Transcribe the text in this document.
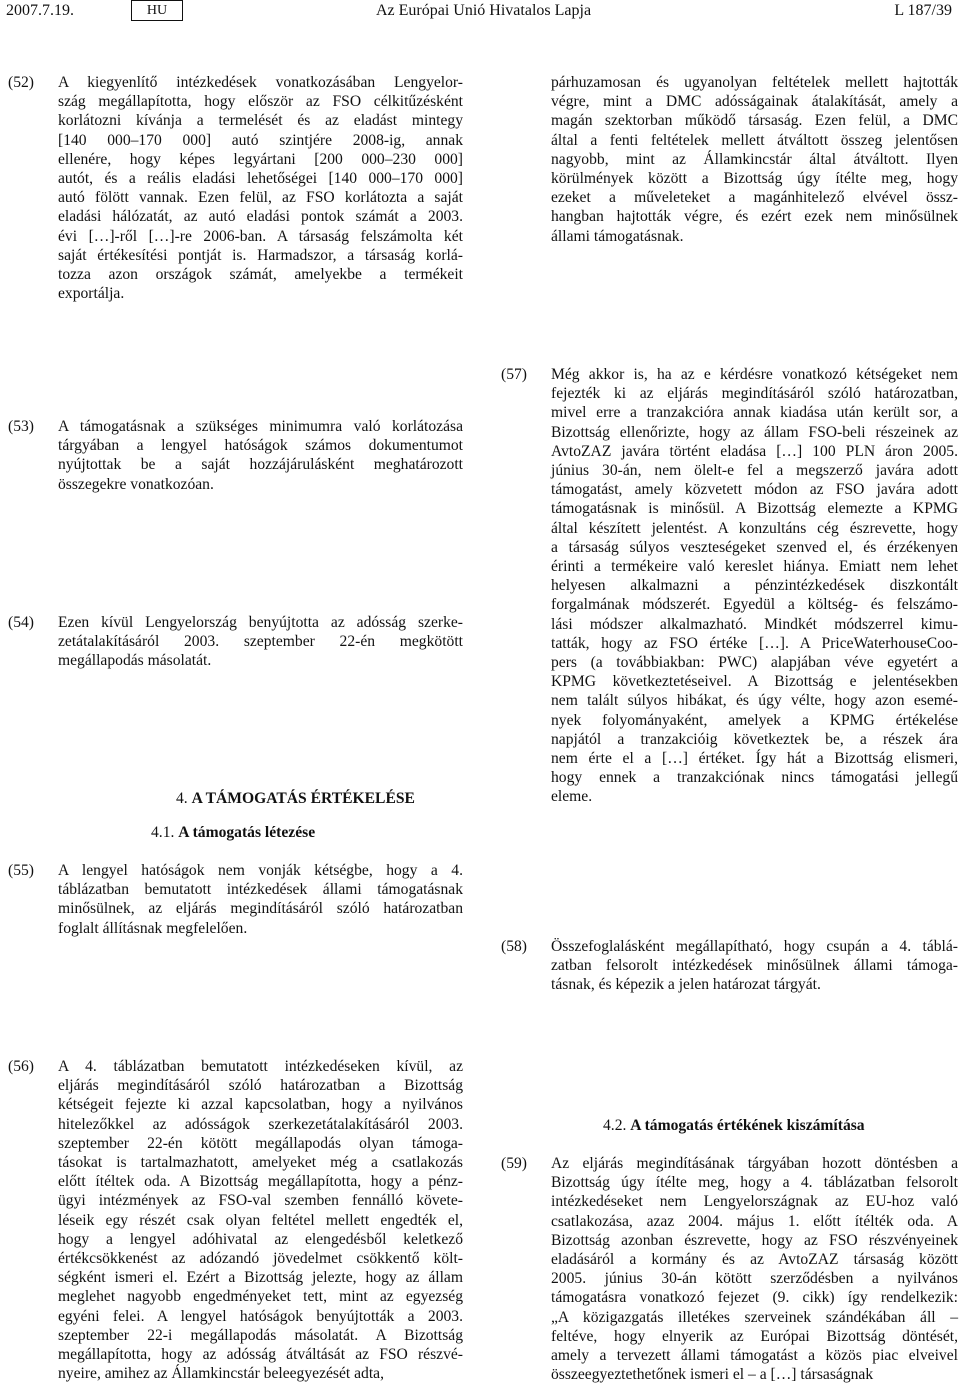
2007.7.19.	HU	Az Európai Unió Hivatalos Lapja	L 187/39
(52) A kiegyenlítő intézkedések vonatkozásában Lengyelor-
szág megállapította, hogy először az FSO célkitűzésként
korlátozni kívánja a termelését és az eladást mintegy
[140 000–170 000] autó szintjére 2008-ig, annak
ellenére, hogy képes legyártani [200 000–230 000]
autót, és a reális eladási lehetőségei [140 000–170 000]
autó fölött vannak. Ezen felül, az FSO korlátozta a saját
eladási hálózatát, az autó eladási pontok számát a 2003.
évi […]-ről […]-re 2006-ban. A társaság felszámolta két
saját értékesítési pontját is. Harmadszor, a társaság korlá-
tozza azon országok számát, amelyekbe a termékeit
exportálja.
(53) A támogatásnak a szükséges minimumra való korlátozása
tárgyában a lengyel hatóságok számos dokumentumot
nyújtottak be a saját hozzájárulásként meghatározott
összegekre vonatkozóan.
(54) Ezen kívül Lengyelország benyújtotta az adósság szerke-
zetátalakításáról 2003. szeptember 22-én megkötött
megállapodás másolatát.
4. A TÁMOGATÁS ÉRTÉKELÉSE
4.1. A támogatás létezése
(55) A lengyel hatóságok nem vonják kétségbe, hogy a 4.
táblázatban bemutatott intézkedések állami támogatásnak
minősülnek, az eljárás megindításáról szóló határozatban
foglalt állításnak megfelelően.
(56) A 4. táblázatban bemutatott intézkedéseken kívül, az
eljárás megindításáról szóló határozatban a Bizottság
kétségeit fejezte ki azzal kapcsolatban, hogy a nyilvános
hitelezőkkel az adósságok szerkezetátalakításáról 2003.
szeptember 22-én kötött megállapodás olyan támoga-
tásokat is tartalmazhatott, amelyeket még a csatlakozás
előtt ítéltek oda. A Bizottság megállapította, hogy a pénz-
ügyi intézmények az FSO-val szemben fennálló követe-
léseik egy részét csak olyan feltétel mellett engedték el,
hogy a lengyel adóhivatal az elengedésből keletkező
értékcsökkenést az adózandó jövedelmet csökkentő költ-
ségként ismeri el. Ezért a Bizottság jelezte, hogy az állam
meglehet nagyobb engedményeket tett, mint az egyezség
egyéni felei. A lengyel hatóságok benyújtották a 2003.
szeptember 22-i megállapodás másolatát. A Bizottság
megállapította, hogy az adósság átváltását az FSO részvé-
nyeire, amihez az Államkincstár beleegyezését adta,
párhuzamosan és ugyanolyan feltételek mellett hajtották
végre, mint a DMC adósságainak átalakítását, amely a
magán szektorban működő társaság. Ezen felül, a DMC
által a fenti feltételek mellett átváltott összeg jelentősen
nagyobb, mint az Államkincstár által átváltott. Ilyen
körülmények között a Bizottság úgy ítélte meg, hogy
ezeket a műveleteket a magánhitelező elvével össz-
hangban hajtották végre, és ezért ezek nem minősülnek
állami támogatásnak.
(57) Még akkor is, ha az e kérdésre vonatkozó kétségeket nem
fejezték ki az eljárás megindításáról szóló határozatban,
mivel erre a tranzakcióra annak kiadása után került sor, a
Bizottság ellenőrizte, hogy az állam FSO-beli részeinek az
AvtoZAZ javára történt eladása […] 100 PLN áron 2005.
június 30-án, nem ölelt-e fel a megszerző javára adott
támogatást, amely közvetett módon az FSO javára adott
támogatásnak is minősül. A Bizottság elemezte a KPMG
által készített jelentést. A konzultáns cég észrevette, hogy
a társaság súlyos veszteségeket szenved el, és érzékenyen
érinti a termékeire való kereslet hiánya. Emiatt nem lehet
helyesen alkalmazni a pénzintézkedések diszkontált
forgalmának módszerét. Egyedül a költség- és felszámo-
lási módszer alkalmazható. Mindkét módszerrel kimu-
tatták, hogy az FSO értéke […]. A PriceWaterhouseCoo-
pers (a továbbiakban: PWC) alapjában véve egyetért a
KPMG következtetéseivel. A Bizottság e jelentésekben
nem talált súlyos hibákat, és úgy vélte, hogy azon esemé-
nyek folyományaként, amelyek a KPMG értékelése
napjától a tranzakcióig következtek be, a részek ára
nem érte el a […] értéket. Így hát a Bizottság elismeri,
hogy ennek a tranzakciónak nincs támogatási jellegű
eleme.
(58) Összefoglalásként megállapítható, hogy csupán a 4. táblá-
zatban felsorolt intézkedések minősülnek állami támoga-
tásnak, és képezik a jelen határozat tárgyát.
4.2. A támogatás értékének kiszámítása
(59) Az eljárás megindításának tárgyában hozott döntésben a
Bizottság úgy ítélte meg, hogy a 4. táblázatban felsorolt
intézkedéseket nem Lengyelországnak az EU-hoz való
csatlakozása, azaz 2004. május 1. előtt ítélték oda. A
Bizottság azonban észrevette, hogy az FSO részvényeinek
eladásáról a kormány és az AvtoZAZ társaság között
2005. június 30-án kötött szerződésben a nyilvános
támogatásra vonatkozó fejezet (9. cikk) így rendelkezik:
„A közigazgatás illetékes szerveinek szándékában áll –
feltéve, hogy elnyerik az Európai Bizottság döntését,
amely a tervezett állami támogatást a közös piac elveivel
összeegyeztethetőnek ismeri el – a […] társaságnak
